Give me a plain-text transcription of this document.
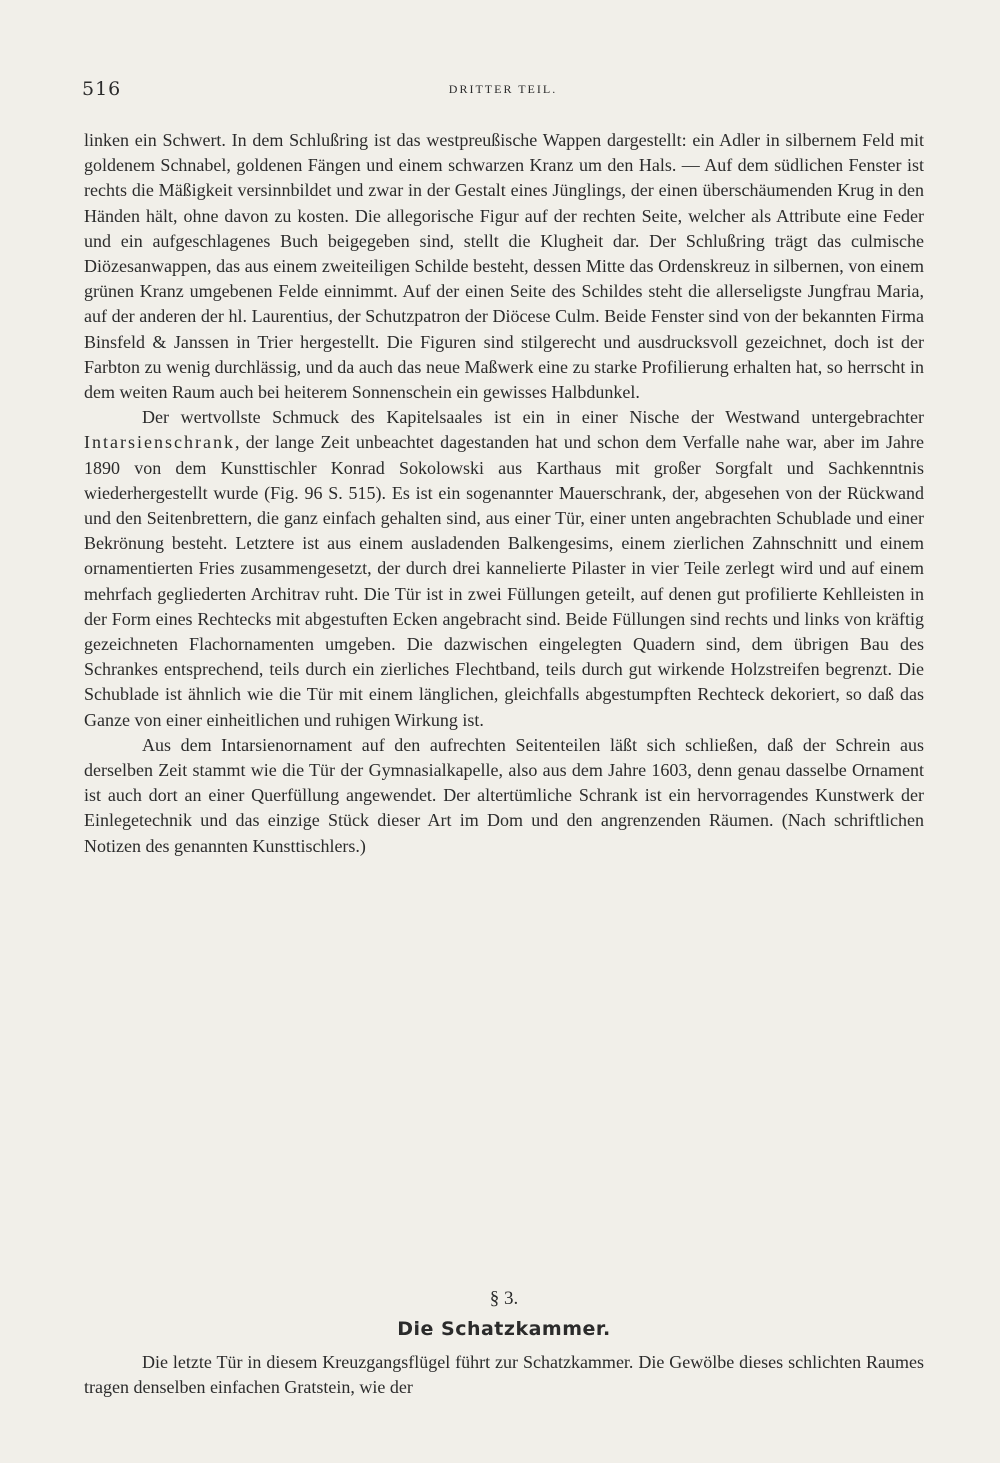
516	DRITTER TEIL.

linken ein Schwert. In dem Schlußring ist das westpreußische Wappen dargestellt: ein Adler in silbernem Feld mit goldenem Schnabel, goldenen Fängen und einem schwarzen Kranz um den Hals. — Auf dem südlichen Fenster ist rechts die Mäßigkeit versinnbildet und zwar in der Gestalt eines Jünglings, der einen überschäumenden Krug in den Händen hält, ohne davon zu kosten. Die allegorische Figur auf der rechten Seite, welcher als Attribute eine Feder und ein aufgeschlagenes Buch beigegeben sind, stellt die Klugheit dar. Der Schlußring trägt das culmische Diözesanwappen, das aus einem zweiteiligen Schilde besteht, dessen Mitte das Ordenskreuz in silbernen, von einem grünen Kranz umgebenen Felde einnimmt. Auf der einen Seite des Schildes steht die allerseligste Jungfrau Maria, auf der anderen der hl. Laurentius, der Schutzpatron der Diöcese Culm. Beide Fenster sind von der bekannten Firma Binsfeld & Janssen in Trier hergestellt. Die Figuren sind stilgerecht und ausdrucksvoll gezeichnet, doch ist der Farbton zu wenig durchlässig, und da auch das neue Maßwerk eine zu starke Profilierung erhalten hat, so herrscht in dem weiten Raum auch bei heiterem Sonnenschein ein gewisses Halbdunkel.

Der wertvollste Schmuck des Kapitelsaales ist ein in einer Nische der Westwand untergebrachter Intarsienschrank, der lange Zeit unbeachtet dagestanden hat und schon dem Verfalle nahe war, aber im Jahre 1890 von dem Kunsttischler Konrad Sokolowski aus Karthaus mit großer Sorgfalt und Sachkenntnis wiederhergestellt wurde (Fig. 96 S. 515). Es ist ein sogenannter Mauerschrank, der, abgesehen von der Rückwand und den Seitenbrettern, die ganz einfach gehalten sind, aus einer Tür, einer unten angebrachten Schublade und einer Bekrönung besteht. Letztere ist aus einem ausladenden Balkengesims, einem zierlichen Zahnschnitt und einem ornamentierten Fries zusammengesetzt, der durch drei kannelierte Pilaster in vier Teile zerlegt wird und auf einem mehrfach gegliederten Architrav ruht. Die Tür ist in zwei Füllungen geteilt, auf denen gut profilierte Kehlleisten in der Form eines Rechtecks mit abgestuften Ecken angebracht sind. Beide Füllungen sind rechts und links von kräftig gezeichneten Flachornamenten umgeben. Die dazwischen eingelegten Quadern sind, dem übrigen Bau des Schrankes entsprechend, teils durch ein zierliches Flechtband, teils durch gut wirkende Holzstreifen begrenzt. Die Schublade ist ähnlich wie die Tür mit einem länglichen, gleichfalls abgestumpften Rechteck dekoriert, so daß das Ganze von einer einheitlichen und ruhigen Wirkung ist.

Aus dem Intarsienornament auf den aufrechten Seitenteilen läßt sich schließen, daß der Schrein aus derselben Zeit stammt wie die Tür der Gymnasialkapelle, also aus dem Jahre 1603, denn genau dasselbe Ornament ist auch dort an einer Querfüllung angewendet. Der altertümliche Schrank ist ein hervorragendes Kunstwerk der Einlegetechnik und das einzige Stück dieser Art im Dom und den angrenzenden Räumen. (Nach schriftlichen Notizen des genannten Kunsttischlers.)

§ 3.
Die Schatzkammer.

Die letzte Tür in diesem Kreuzgangsflügel führt zur Schatzkammer. Die Gewölbe dieses schlichten Raumes tragen denselben einfachen Gratstein, wie der
